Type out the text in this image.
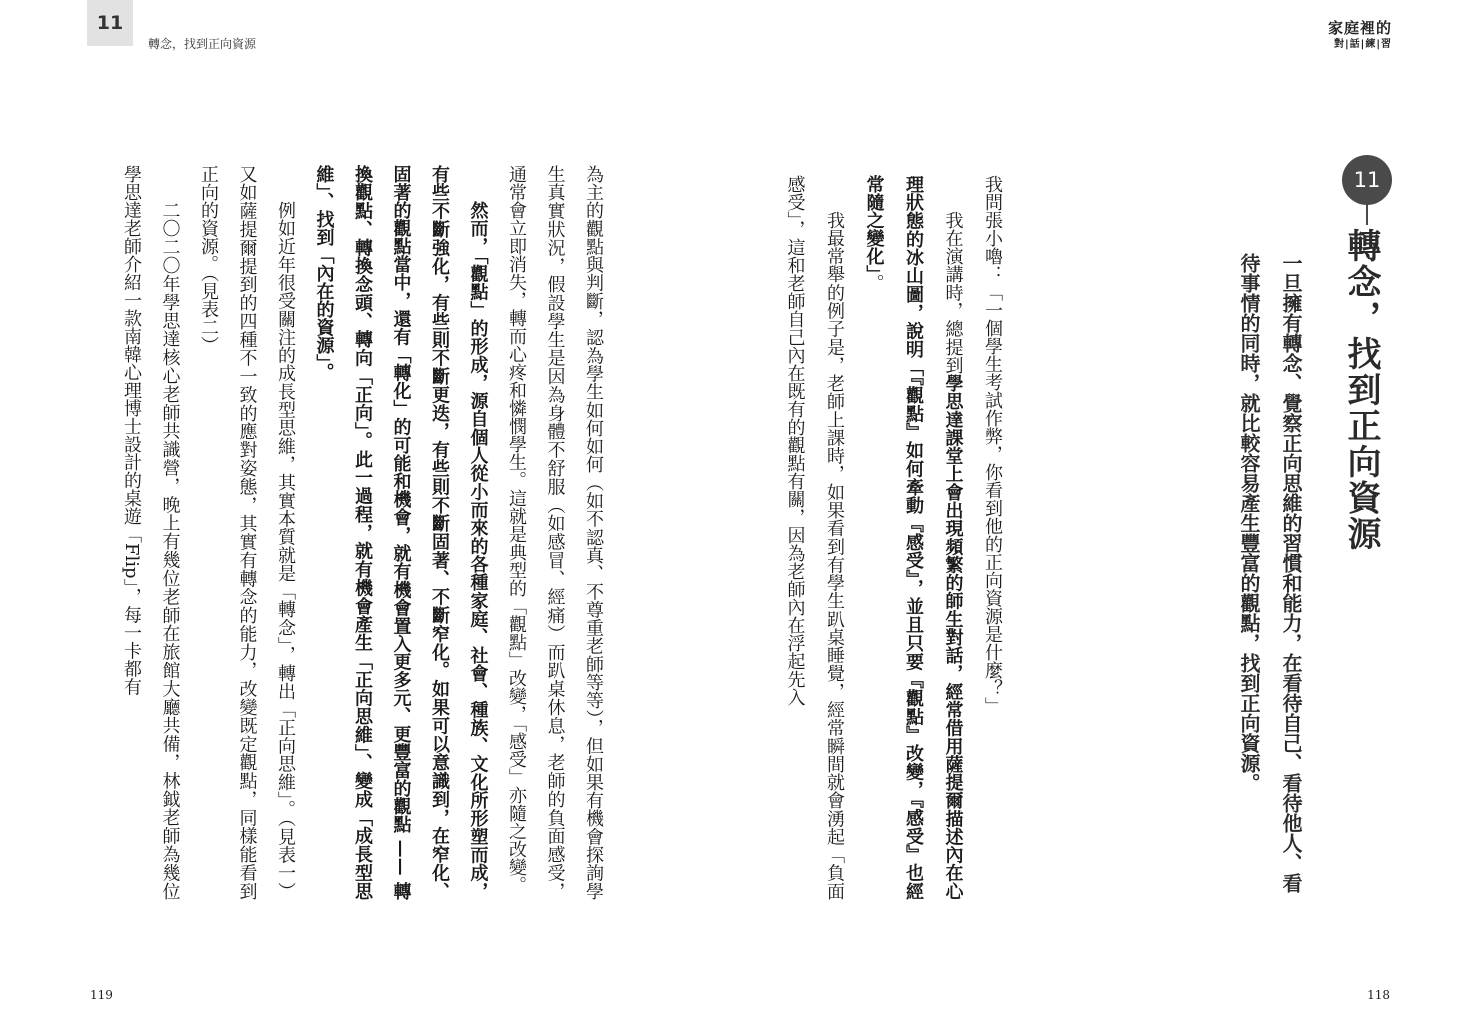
11
轉念，找到正向資源
家庭裡的
對|話|練|習
11
轉念，找到正向資源
一旦擁有轉念、覺察正向思維的習慣和能力，在看待自己、看待他人、看待事情的同時，就比較容易產生豐富的觀點，找到正向資源。

我問張小嚕：「一個學生考試作弊，你看到他的正向資源是什麼？」

我在演講時，總提到學思達課堂上會出現頻繁的師生對話，經常借用薩提爾描述內在心理狀態的冰山圖，說明「『觀點』如何牽動『感受』，並且只要『觀點』改變，『感受』也經常隨之變化」。

我最常舉的例子是，老師上課時，如果看到有學生趴桌睡覺，經常瞬間就會湧起「負面感受」，這和老師自己內在既有的觀點有關，因為老師內在浮起先入

為主的觀點與判斷，認為學生如何如何（如不認真、不尊重老師等等），但如果有機會探詢學生真實狀況，假設學生是因為身體不舒服（如感冒、經痛）而趴桌休息，老師的負面感受，通常會立即消失，轉而心疼和憐憫學生。這就是典型的「觀點」改變，「感受」亦隨之改變。

然而，「觀點」的形成，源自個人從小而來的各種家庭、社會、種族、文化所形塑而成，有些不斷強化，有些則不斷更迭，有些則不斷固著、不斷窄化。如果可以意識到，在窄化、固著的觀點當中，還有「轉化」的可能和機會，就有機會置入更多元、更豐富的觀點 —— 轉換觀點、轉換念頭、轉向「正向」。此一過程，就有機會產生「正向思維」、變成「成長型思維」、找到「內在的資源」。

例如近年很受關注的成長型思維，其實本質就是「轉念」，轉出「正向思維」。（見表一）又如薩提爾提到的四種不一致的應對姿態，其實有轉念的能力，改變既定觀點，同樣能看到正向的資源。（見表二）

二〇二〇年學思達核心老師共識營，晚上有幾位老師在旅館大廳共備，林鉞老師為幾位學思達老師介紹一款南韓心理博士設計的桌遊「Flip」，每一卡都有

119	118
